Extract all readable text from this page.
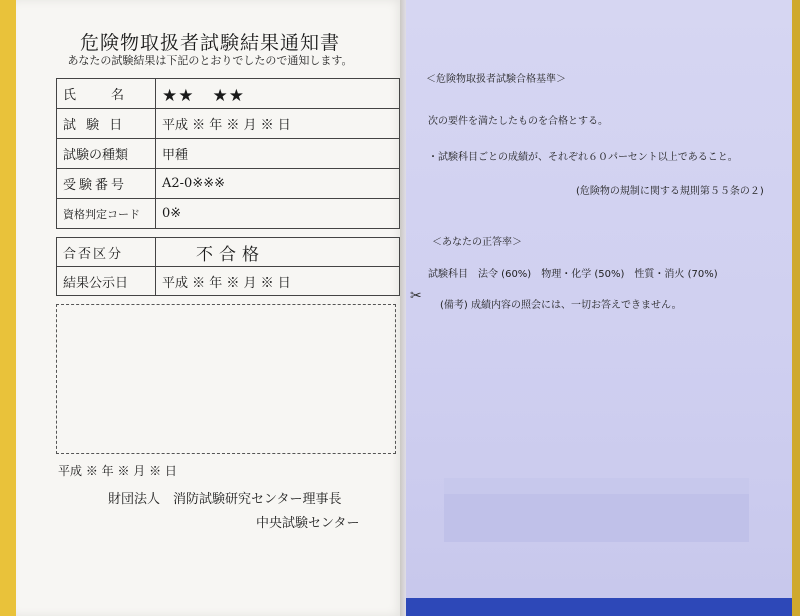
危険物取扱者試験結果通知書
あなたの試験結果は下記のとおりでしたので通知します。
氏　　名	★★　★★
試 験 日	平成 ※ 年 ※ 月 ※ 日
試験の種類	甲種
受験番号	A2-0※※※
資格判定コード	0※
合否区分	不合格
結果公示日	平成 ※ 年 ※ 月 ※ 日
平成 ※ 年 ※ 月 ※ 日
財団法人　消防試験研究センター理事長
中央試験センター
＜危険物取扱者試験合格基準＞
次の要件を満たしたものを合格とする。
・試験科目ごとの成績が、それぞれ６０パーセント以上であること。
(危険物の規制に関する規則第５５条の２)
＜あなたの正答率＞
試験科目　法令 (60%)　物理・化学 (50%)　性質・消火 (70%)
(備考) 成績内容の照会には、一切お答えできません。
✂
